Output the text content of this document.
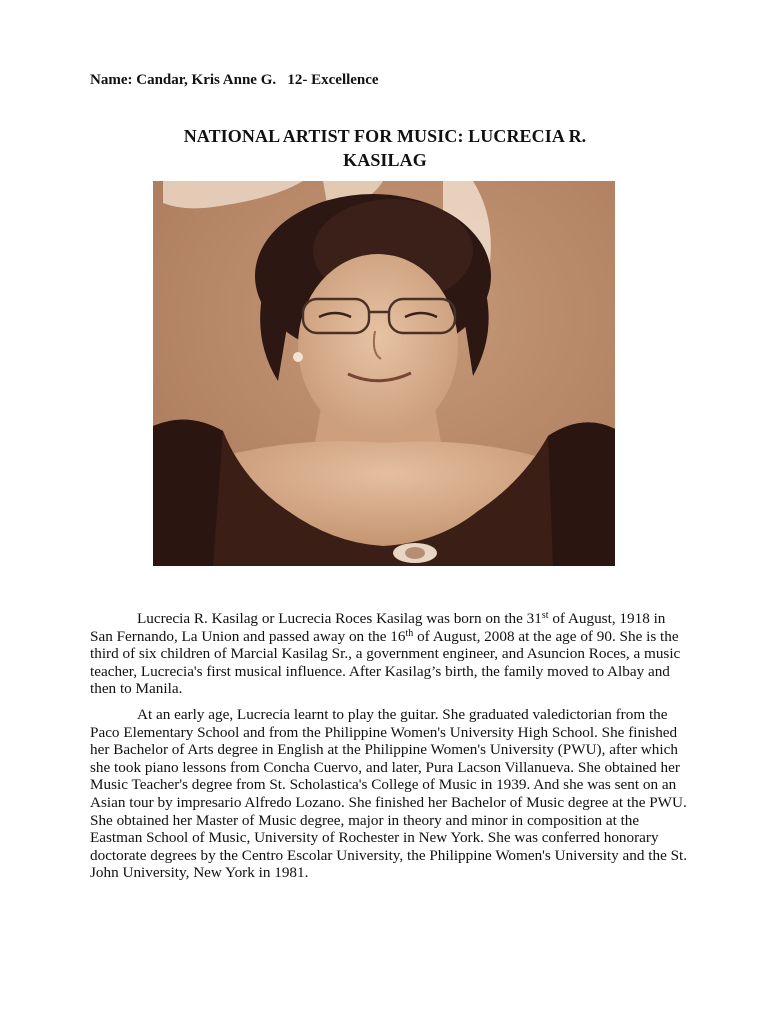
Name: Candar, Kris Anne G.   12- Excellence
NATIONAL ARTIST FOR MUSIC: LUCRECIA R.
KASILAG

Lucrecia R. Kasilag or Lucrecia Roces Kasilag was born on the 31st of August, 1918 in San Fernando, La Union and passed away on the 16th of August, 2008 at the age of 90. She is the third of six children of Marcial Kasilag Sr., a government engineer, and Asuncion Roces, a music teacher, Lucrecia's first musical influence. After Kasilag’s birth, the family moved to Albay and then to Manila.

At an early age, Lucrecia learnt to play the guitar. She graduated valedictorian from the Paco Elementary School and from the Philippine Women's University High School. She finished her Bachelor of Arts degree in English at the Philippine Women's University (PWU), after which she took piano lessons from Concha Cuervo, and later, Pura Lacson Villanueva. She obtained her Music Teacher's degree from St. Scholastica's College of Music in 1939. And she was sent on an Asian tour by impresario Alfredo Lozano. She finished her Bachelor of Music degree at the PWU. She obtained her Master of Music degree, major in theory and minor in composition at the Eastman School of Music, University of Rochester in New York. She was conferred honorary doctorate degrees by the Centro Escolar University, the Philippine Women's University and the St. John University, New York in 1981.
